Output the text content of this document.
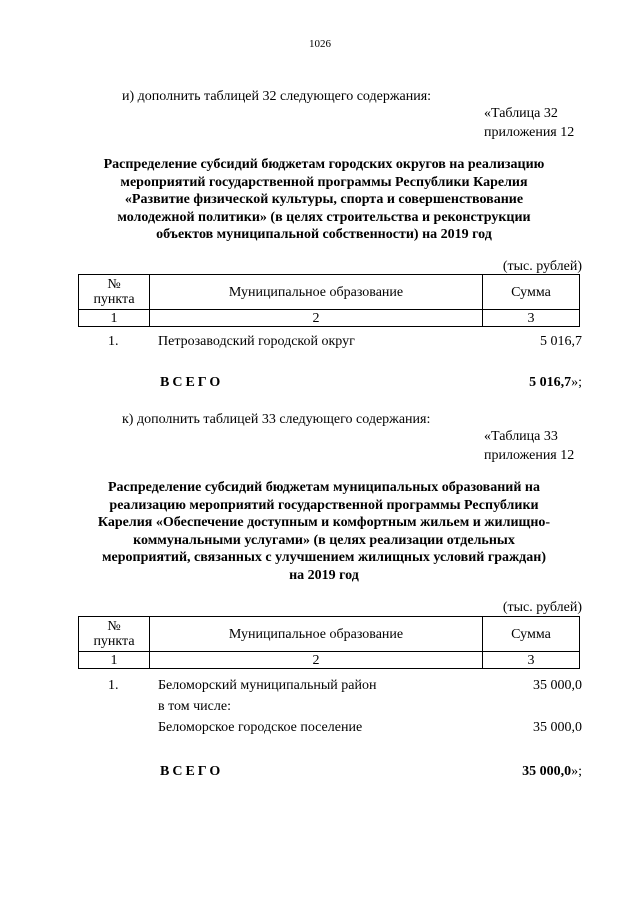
1026
и) дополнить таблицей 32 следующего содержания:
«Таблица 32
приложения 12
Распределение субсидий бюджетам городских округов на реализацию
мероприятий государственной программы Республики Карелия
«Развитие физической культуры, спорта и совершенствование
молодежной политики» (в целях строительства и реконструкции
объектов муниципальной собственности) на 2019 год
(тыс. рублей)
№
пункта	Муниципальное образование	Сумма
1	2	3
1.	Петрозаводский городской округ	5 016,7
ВСЕГО	5 016,7»;
к) дополнить таблицей 33 следующего содержания:
«Таблица 33
приложения 12
Распределение субсидий бюджетам муниципальных образований на
реализацию мероприятий государственной программы Республики
Карелия «Обеспечение доступным и комфортным жильем и жилищно-
коммунальными услугами» (в целях реализации отдельных
мероприятий, связанных с улучшением жилищных условий граждан)
на 2019 год
(тыс. рублей)
№
пункта	Муниципальное образование	Сумма
1	2	3
1.	Беломорский муниципальный район	35 000,0
в том числе:
Беломорское городское поселение	35 000,0
ВСЕГО	35 000,0»;
